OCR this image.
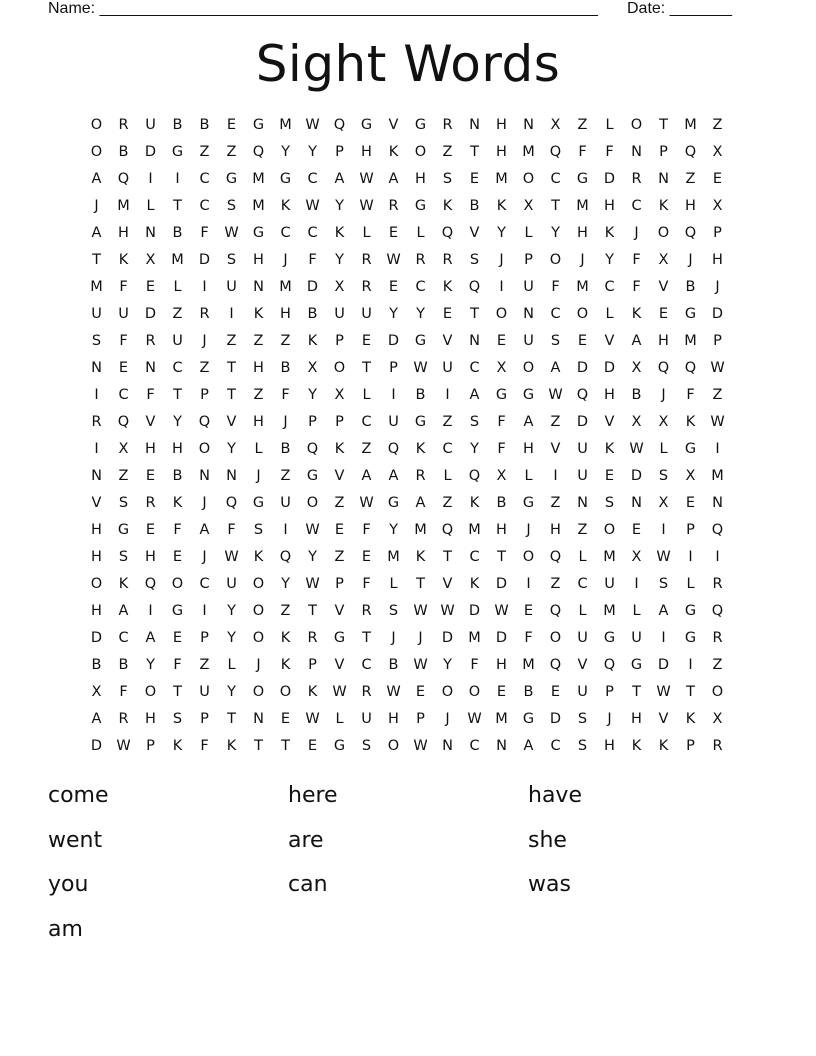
Name: ________________________________________________________ Date: _______
Sight Words
O	R	U	B	B	E	G	M W Q	G	V	G	R	N	H	N	X	Z	L	O	T	M	Z
O	B	D	G	Z	Z	Q	Y	Y	P	H	K	O	Z	T	H	M	Q	F	F	N	P	Q	X
A	Q	I	I	C	G	M	G	C	A	W	A	H	S	E	M	O	C	G	D	R	N	Z	E
J	M	L	T	C	S	M	K	W	Y	W	R	G	K	B	K	X	T	M	H	C	K	H	X
A	H	N	B	F	W G	C	C	K	L	E	L	Q	V	Y	L	Y	H	K	J	O	Q	P
T	K	X	M	D	S	H	J	F	Y	R	W	R	R	S	J	P	O	J	Y	F	X	J	H
M	F	E	L	I	U	N	M	D	X	R	E	C	K	Q	I	U	F	M	C	F	V	B	J
U	U	D	Z	R	I	K	H	B	U	U	Y	Y	E	T	O	N	C	O	L	K	E	G	D
S	F	R	U	J	Z	Z	Z	K	P	E	D	G	V	N	E	U	S	E	V	A	H	M	P
N	E	N	C	Z	T	H	B	X	O	T	P	W	U	C	X	O	A	D	D	X	Q	Q W
I	C	F	T	P	T	Z	F	Y	X	L	I	B	I	A	G	G W Q	H	B	J	F	Z
R	Q	V	Y	Q	V	H	J	P	P	C	U	G	Z	S	F	A	Z	D	V	X	X	K	W
I	X	H	H	O	Y	L	B	Q	K	Z	Q	K	C	Y	F	H	V	U	K	W	L	G	I
N	Z	E	B	N	N	J	Z	G	V	A	A	R	L	Q	X	L	I	U	E	D	S	X	M
V	S	R	K	J	Q	G	U	O	Z	W G	A	Z	K	B	G	Z	N	S	N	X	E	N
H	G	E	F	A	F	S	I	W	E	F	Y	M	Q	M	H	J	H	Z	O	E	I	P	Q
H	S	H	E	J	W	K	Q	Y	Z	E	M	K	T	C	T	O	Q	L	M	X	W	I	I
O	K	Q	O	C	U	O	Y	W	P	F	L	T	V	K	D	I	Z	C	U	I	S	L	R
H	A	I	G	I	Y	O	Z	T	V	R	S	W W D W	E	Q	L	M	L	A	G	Q
D	C	A	E	P	Y	O	K	R	G	T	J	J	D	M	D	F	O	U	G	U	I	G	R
B	B	Y	F	Z	L	J	K	P	V	C	B	W	Y	F	H	M	Q	V	Q	G	D	I	Z
X	F	O	T	U	Y	O	O	K	W	R	W	E	O	O	E	B	E	U	P	T	W	T	O
A	R	H	S	P	T	N	E	W	L	U	H	P	J	W M	G	D	S	J	H	V	K	X
D W	P	K	F	K	T	T	E	G	S	O W N	C	N	A	C	S	H	K	K	P	R
come	here	have
went	are	she
you	can	was
am
